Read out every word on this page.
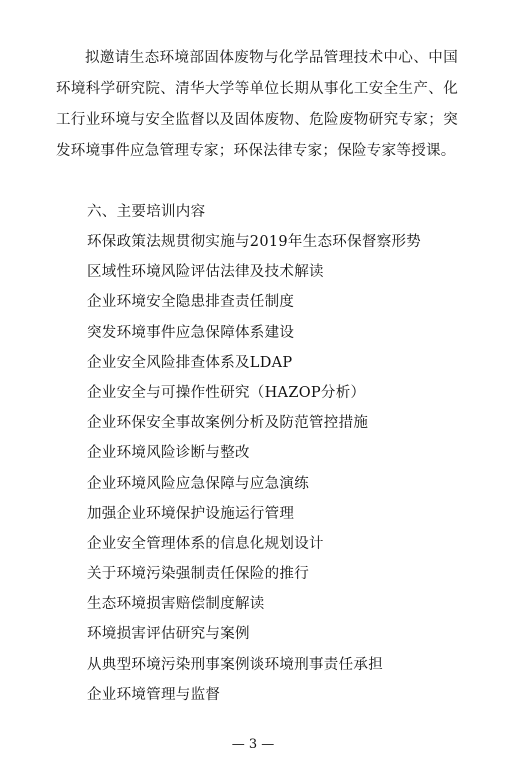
拟邀请生态环境部固体废物与化学品管理技术中心、中国环境科学研究院、清华大学等单位长期从事化工安全生产、化工行业环境与安全监督以及固体废物、危险废物研究专家；突发环境事件应急管理专家；环保法律专家；保险专家等授课。

六、主要培训内容
环保政策法规贯彻实施与2019年生态环保督察形势
区域性环境风险评估法律及技术解读
企业环境安全隐患排查责任制度
突发环境事件应急保障体系建设
企业安全风险排查体系及LDAP
企业安全与可操作性研究（HAZOP分析）
企业环保安全事故案例分析及防范管控措施
企业环境风险诊断与整改
企业环境风险应急保障与应急演练
加强企业环境保护设施运行管理
企业安全管理体系的信息化规划设计
关于环境污染强制责任保险的推行
生态环境损害赔偿制度解读
环境损害评估研究与案例
从典型环境污染刑事案例谈环境刑事责任承担
企业环境管理与监督
— 3 —
